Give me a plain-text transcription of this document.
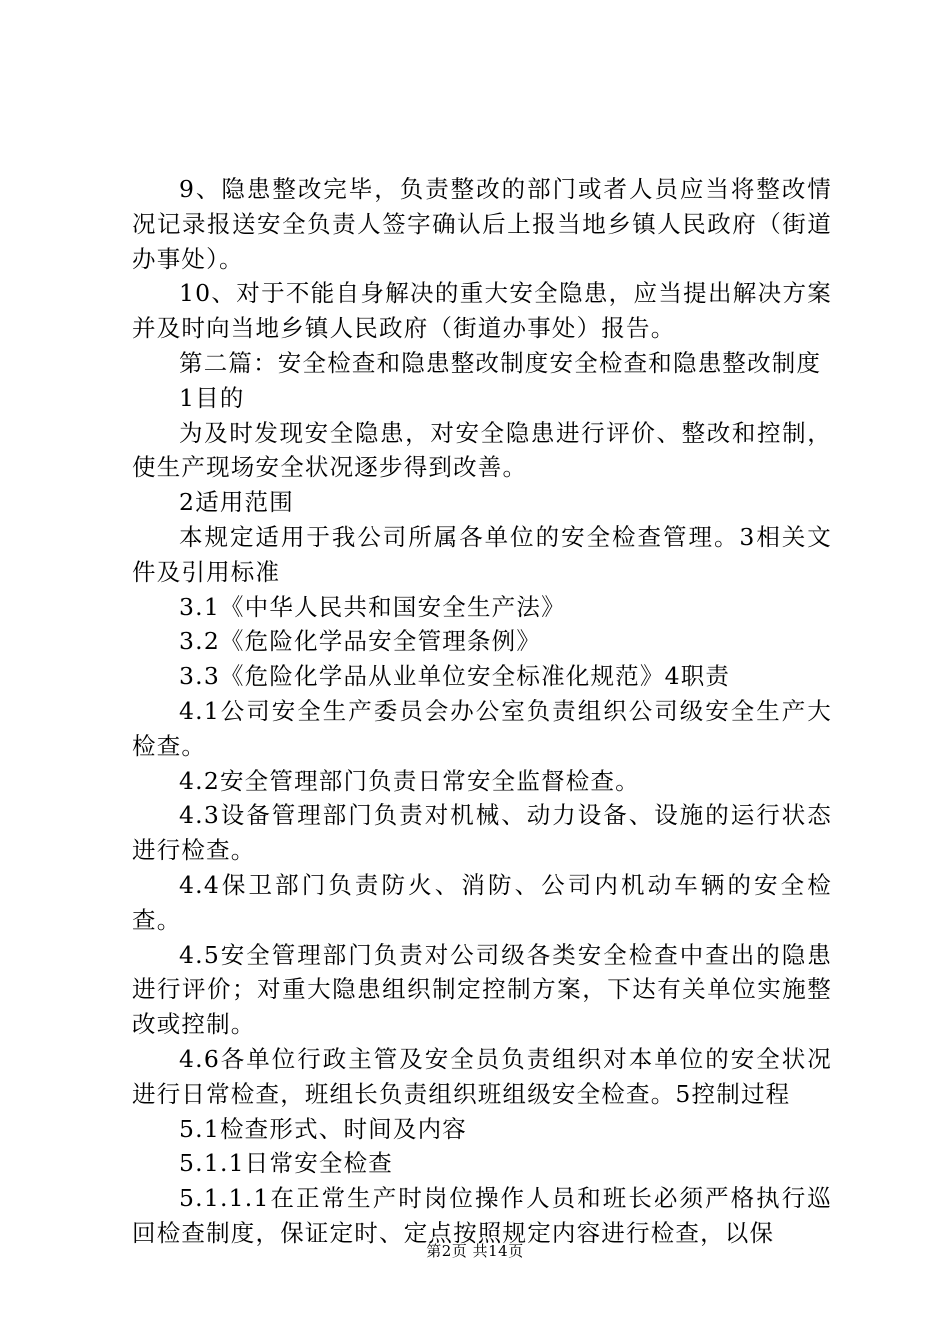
9、隐患整改完毕，负责整改的部门或者人员应当将整改情况记录报送安全负责人签字确认后上报当地乡镇人民政府（街道办事处）。

10、对于不能自身解决的重大安全隐患，应当提出解决方案并及时向当地乡镇人民政府（街道办事处）报告。

第二篇：安全检查和隐患整改制度安全检查和隐患整改制度

1目的

为及时发现安全隐患，对安全隐患进行评价、整改和控制，使生产现场安全状况逐步得到改善。

2适用范围

本规定适用于我公司所属各单位的安全检查管理。3相关文件及引用标准

3.1《中华人民共和国安全生产法》

3.2《危险化学品安全管理条例》

3.3《危险化学品从业单位安全标准化规范》4职责

4.1公司安全生产委员会办公室负责组织公司级安全生产大检查。

4.2安全管理部门负责日常安全监督检查。

4.3设备管理部门负责对机械、动力设备、设施的运行状态进行检查。

4.4保卫部门负责防火、消防、公司内机动车辆的安全检查。

4.5安全管理部门负责对公司级各类安全检查中查出的隐患进行评价；对重大隐患组织制定控制方案，下达有关单位实施整改或控制。

4.6各单位行政主管及安全员负责组织对本单位的安全状况进行日常检查，班组长负责组织班组级安全检查。5控制过程

5.1检查形式、时间及内容

5.1.1日常安全检查

5.1.1.1在正常生产时岗位操作人员和班长必须严格执行巡回检查制度，保证定时、定点按照规定内容进行检查，以保

第2页 共14页
